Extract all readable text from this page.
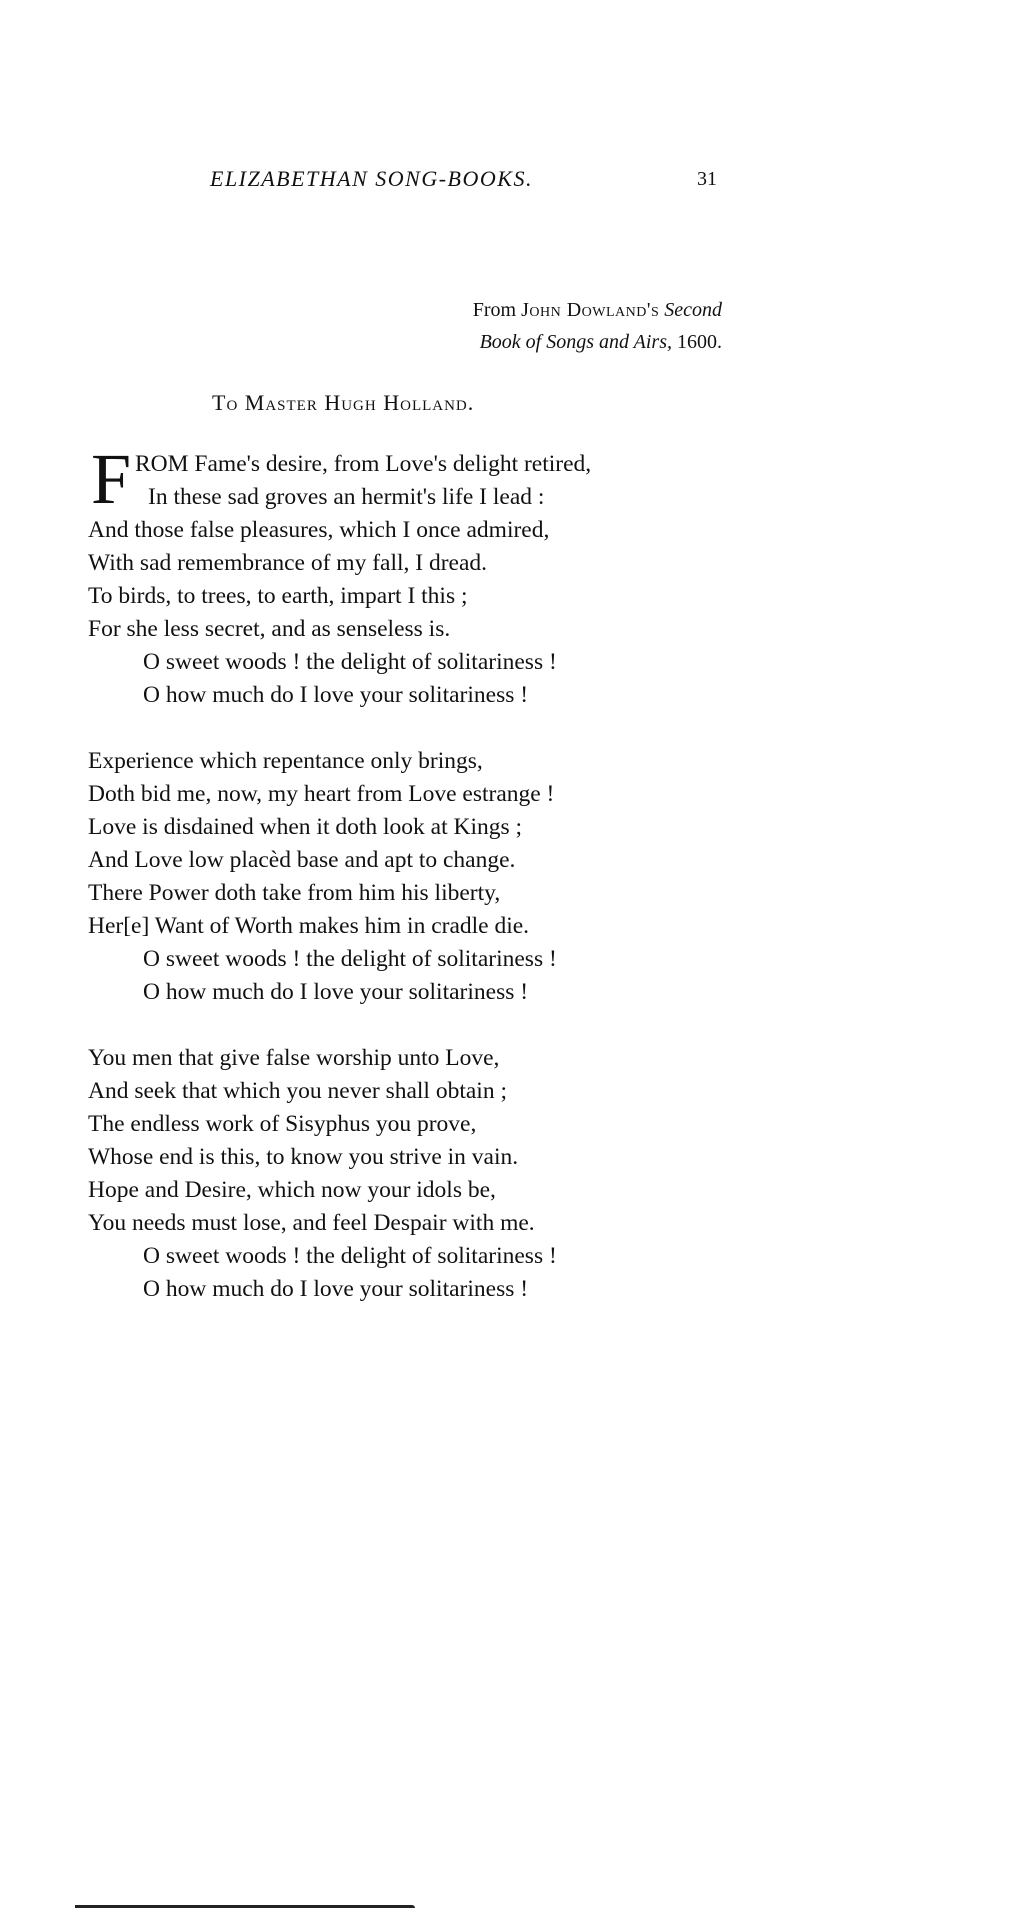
ELIZABETHAN SONG-BOOKS.	31
From John Dowland's Second
Book of Songs and Airs, 1600.
To Master Hugh Holland.
F ROM Fame's desire, from Love's delight retired,
In these sad groves an hermit's life I lead :
And those false pleasures, which I once admired,
With sad remembrance of my fall, I dread.
To birds, to trees, to earth, impart I this ;
For she less secret, and as senseless is.
O sweet woods ! the delight of solitariness !
O how much do I love your solitariness !
Experience which repentance only brings,
Doth bid me, now, my heart from Love estrange !
Love is disdained when it doth look at Kings ;
And Love low placèd base and apt to change.
There Power doth take from him his liberty,
Her[e] Want of Worth makes him in cradle die.
O sweet woods ! the delight of solitariness !
O how much do I love your solitariness !
You men that give false worship unto Love,
And seek that which you never shall obtain ;
The endless work of Sisyphus you prove,
Whose end is this, to know you strive in vain.
Hope and Desire, which now your idols be,
You needs must lose, and feel Despair with me.
O sweet woods ! the delight of solitariness !
O how much do I love your solitariness !
